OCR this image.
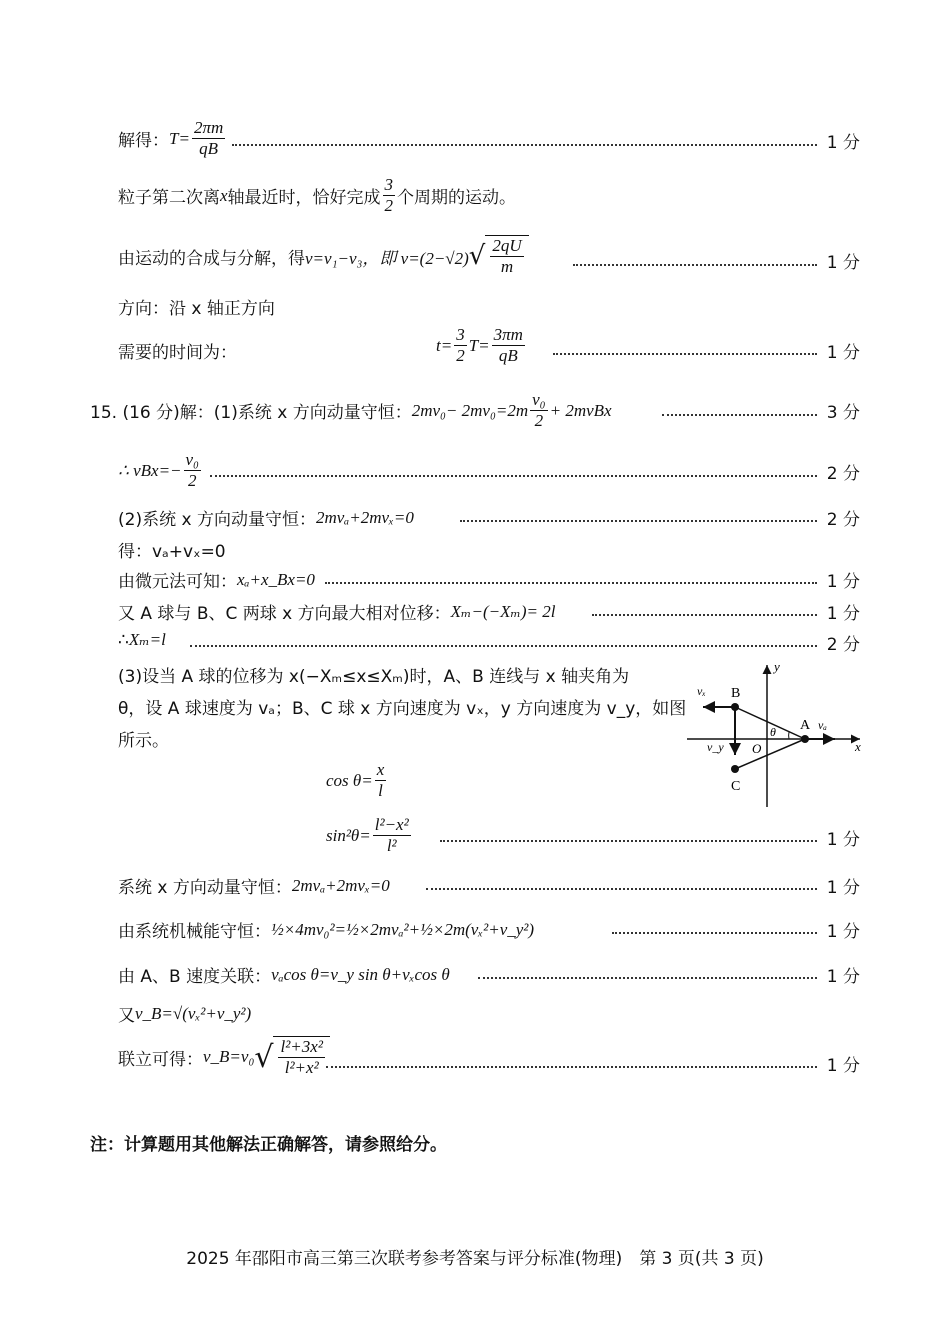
解得： $T= \frac{2\pi m}{qB}$	1 分
粒子第二次离 x 轴最近时，恰好完成 $\frac{3}{2}$ 个周期的运动。
由运动的合成与分解，得 v=v₁−v₃，即 v=(2−√2) √ $\frac{2qU}{m}$	1 分
方向：沿 x 轴正方向
需要的时间为：	$t= \frac{3}{2} T= \frac{3\pi m}{qB}$	1 分
15. (16 分)解：(1)系统 x 方向动量守恒： $2mv_0- 2mv_0=2m \frac{\text{v₀}}{2} + 2mv$ Bx	3 分
∴ v $Bx =- \frac{\text{v₀}}{2}$	2 分
(2)系统 x 方向动量守恒： 2mvₐ+2mvₓ=0	2 分
得：vₐ+vₓ=0
由微元法可知： xₐ+x_Bx=0	1 分
又 A 球与 B、C 两球 x 方向最大相对位移： Xₘ−(−Xₘ)= 2l	1 分
∴ Xₘ=l	2 分
(3)设当 A 球的位移为 x(−Xₘ≤x≤Xₘ)时，A、B 连线与 x 轴夹角为
θ，设 A 球速度为 vₐ；B、C 球 x 方向速度为 vₓ，y 方向速度为 v_y，如图
所示。
vₓ B
y
v_y O
θ A vₐ
x
C
$\cos \theta= \frac{x}{l}$
$\sin^2\theta= \frac{\text{l²−x²}}{\text{l²}}$	1 分
系统 x 方向动量守恒： 2mvₐ+2mvₓ=0	1 分
由系统机械能守恒： ½×4mv₀²=½×2mvₐ²+½×2m(vₓ²+v_y²)	1 分
由 A、B 速度关联： vₐcos θ=v_y sin θ+vₓcos θ	1 分
又 v_B=√(vₓ²+v_y²)
联立可得： v_B=v₀ √ $\frac{\text{l²+3x²}}{\text{l²+x²}}$	1 分
注：计算题用其他解法正确解答，请参照给分。
2025 年邵阳市高三第三次联考参考答案与评分标准(物理)　第 3 页(共 3 页)
